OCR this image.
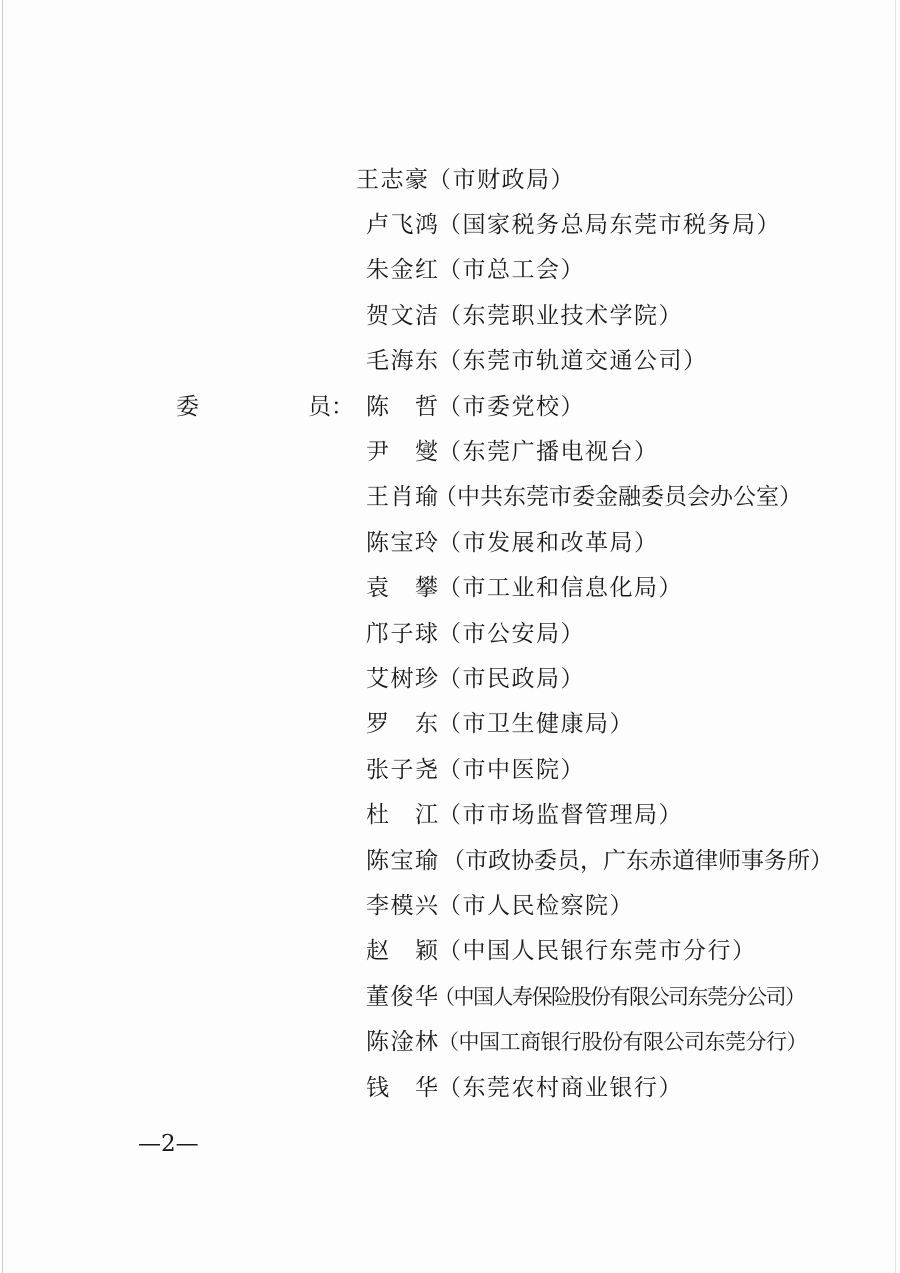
王志豪
（市财政局）
卢飞鸿
（国家税务总局东莞市税务局）
朱金红
（市总工会）
贺文洁
（东莞职业技术学院）
毛海东
（东莞市轨道交通公司）
委	员： 陈　哲
（市委党校）
尹　燮
（东莞广播电视台）
王肖瑜
（中共东莞市委金融委员会办公室）
陈宝玲
（市发展和改革局）
袁　攀
（市工业和信息化局）
邝子球
（市公安局）
艾树珍
（市民政局）
罗　东
（市卫生健康局）
张子尧
（市中医院）
杜　江
（市市场监督管理局）
陈宝瑜 （市政协委员，广东赤道律师事务所）
李模兴
（市人民检察院）
赵　颖
（中国人民银行东莞市分行）
董俊华
（中国人寿保险股份有限公司东莞分公司）
陈淦林
（中国工商银行股份有限公司东莞分行）
钱　华
（东莞农村商业银行）
—2—
